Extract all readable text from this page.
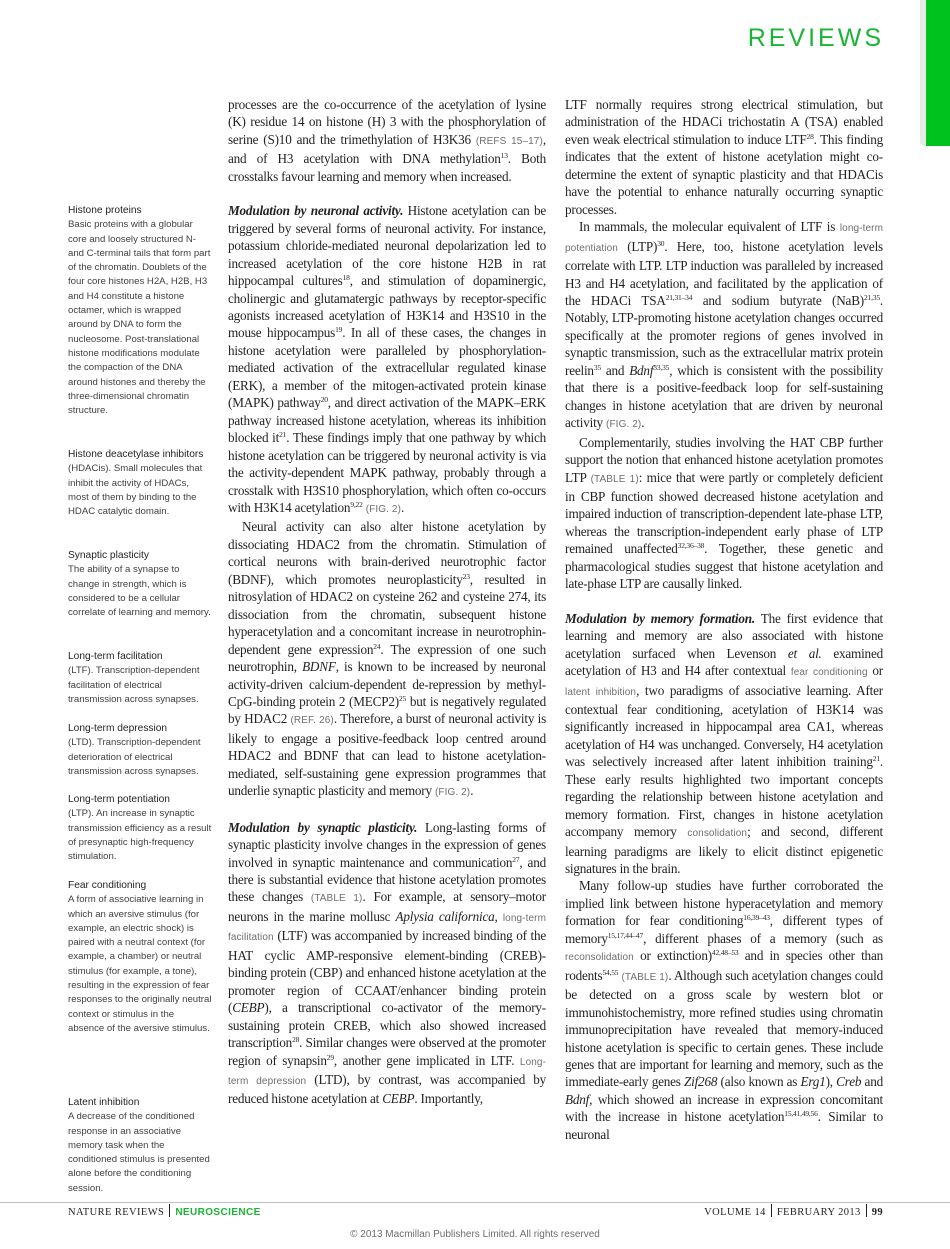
REVIEWS
Histone proteins
Basic proteins with a globular core and loosely structured N- and C-terminal tails that form part of the chromatin. Doublets of the four core histones H2A, H2B, H3 and H4 constitute a histone octamer, which is wrapped around by DNA to form the nucleosome. Post-translational histone modifications modulate the compaction of the DNA around histones and thereby the three-dimensional chromatin structure.
Histone deacetylase inhibitors
(HDACis). Small molecules that inhibit the activity of HDACs, most of them by binding to the HDAC catalytic domain.
Synaptic plasticity
The ability of a synapse to change in strength, which is considered to be a cellular correlate of learning and memory.
Long-term facilitation
(LTF). Transcription-dependent facilitation of electrical transmission across synapses.
Long-term depression
(LTD). Transcription-dependent deterioration of electrical transmission across synapses.
Long-term potentiation
(LTP). An increase in synaptic transmission efficiency as a result of presynaptic high-frequency stimulation.
Fear conditioning
A form of associative learning in which an aversive stimulus (for example, an electric shock) is paired with a neutral context (for example, a chamber) or neutral stimulus (for example, a tone), resulting in the expression of fear responses to the originally neutral context or stimulus in the absence of the aversive stimulus.
Latent inhibition
A decrease of the conditioned response in an associative memory task when the conditioned stimulus is presented alone before the conditioning session.

processes are the co-occurrence of the acetylation of lysine (K) residue 14 on histone (H) 3 with the phosphorylation of serine (S)10 and the trimethylation of H3K36 (REFS 15–17), and of H3 acetylation with DNA methylation$^{13}$. Both crosstalks favour learning and memory when increased.

Modulation by neuronal activity. Histone acetylation can be triggered by several forms of neuronal activity. For instance, potassium chloride-mediated neuronal depolarization led to increased acetylation of the core histone H2B in rat hippocampal cultures$^{18}$, and stimulation of dopaminergic, cholinergic and glutamatergic pathways by receptor-specific agonists increased acetylation of H3K14 and H3S10 in the mouse hippocampus$^{19}$. In all of these cases, the changes in histone acetylation were paralleled by phosphorylation-mediated activation of the extracellular regulated kinase (ERK), a member of the mitogen-activated protein kinase (MAPK) pathway$^{20}$, and direct activation of the MAPK–ERK pathway increased histone acetylation, whereas its inhibition blocked $it^{21}$. These findings imply that one pathway by which histone acetylation can be triggered by neuronal activity is via the activity-dependent MAPK pathway, probably through a crosstalk with H3S10 phosphorylation, which often co-occurs with H3K14 acetylation$^{9,22}$ (FIG. 2).

Neural activity can also alter histone acetylation by dissociating HDAC2 from the chromatin. Stimulation of cortical neurons with brain-derived neurotrophic factor (BDNF), which promotes neuroplasticity$^{23}$, resulted in nitrosylation of HDAC2 on cysteine 262 and cysteine 274, its dissociation from the chromatin, subsequent histone hyperacetylation and a concomitant increase in neurotrophin-dependent gene expression$^{24}$. The expression of one such neurotrophin, BDNF, is known to be increased by neuronal activity-driven calcium-dependent de-repression by methyl-CpG-binding protein 2 (MECP2)$^{25}$ but is negatively regulated by HDAC2 (REF. 26). Therefore, a burst of neuronal activity is likely to engage a positive-feedback loop centred around HDAC2 and BDNF that can lead to histone acetylation-mediated, self-sustaining gene expression programmes that underlie synaptic plasticity and memory (FIG. 2).

Modulation by synaptic plasticity. Long-lasting forms of synaptic plasticity involve changes in the expression of genes involved in synaptic maintenance and communication$^{27}$, and there is substantial evidence that histone acetylation promotes these changes (TABLE 1). For example, at sensory–motor neurons in the marine mollusc Aplysia californica, long-term facilitation (LTF) was accompanied by increased binding of the HAT cyclic AMP-responsive element-binding (CREB)-binding protein (CBP) and enhanced histone acetylation at the promoter region of CCAAT/enhancer binding protein (CEBP), a transcriptional co-activator of the memory-sustaining protein CREB, which also showed increased transcription$^{28}$. Similar changes were observed at the promoter region of synapsin$^{29}$, another gene implicated in LTF. Long-term depression (LTD), by contrast, was accompanied by reduced histone acetylation at CEBP. Importantly,

LTF normally requires strong electrical stimulation, but administration of the HDACi trichostatin A (TSA) enabled even weak electrical stimulation to induce LTF$^{28}$. This finding indicates that the extent of histone acetylation might co-determine the extent of synaptic plasticity and that HDACis have the potential to enhance naturally occurring synaptic processes.

In mammals, the molecular equivalent of LTF is long-term potentiation (LTP)$^{30}$. Here, too, histone acetylation levels correlate with LTP. LTP induction was paralleled by increased H3 and H4 acetylation, and facilitated by the application of the HDACi TSA$^{21,31-34}$ and sodium butyrate (NaB)$^{21,35}$. Notably, LTP-promoting histone acetylation changes occurred specifically at the promoter regions of genes involved in synaptic transmission, such as the extracellular matrix protein reelin$^{35}$ and Bdnf$^{33,35}$, which is consistent with the possibility that there is a positive-feedback loop for self-sustaining changes in histone acetylation that are driven by neuronal activity (FIG. 2).

Complementarily, studies involving the HAT CBP further support the notion that enhanced histone acetylation promotes LTP (TABLE 1): mice that were partly or completely deficient in CBP function showed decreased histone acetylation and impaired induction of transcription-dependent late-phase LTP, whereas the transcription-independent early phase of LTP remained unaffected$^{32,36-38}$. Together, these genetic and pharmacological studies suggest that histone acetylation and late-phase LTP are causally linked.

Modulation by memory formation. The first evidence that learning and memory are also associated with histone acetylation surfaced when Levenson et al. examined acetylation of H3 and H4 after contextual fear conditioning or latent inhibition, two paradigms of associative learning. After contextual fear conditioning, acetylation of H3K14 was significantly increased in hippocampal area CA1, whereas acetylation of H4 was unchanged. Conversely, H4 acetylation was selectively increased after latent inhibition training$^{21}$. These early results highlighted two important concepts regarding the relationship between histone acetylation and memory formation. First, changes in histone acetylation accompany memory consolidation; and second, different learning paradigms are likely to elicit distinct epigenetic signatures in the brain.

Many follow-up studies have further corroborated the implied link between histone hyperacetylation and memory formation for fear conditioning$^{16,39-43}$, different types of memory$^{15,17,44-47}$, different phases of a memory (such as reconsolidation or extinction)$^{42,48-53}$ and in species other than rodents$^{54,55}$ (TABLE 1). Although such acetylation changes could be detected on a gross scale by western blot or immunohistochemistry, more refined studies using chromatin immunoprecipitation have revealed that memory-induced histone acetylation is specific to certain genes. These include genes that are important for learning and memory, such as the immediate-early genes Zif268 (also known as Erg1), Creb and Bdnf, which showed an increase in expression concomitant with the increase in histone acetylation$^{15,41,49,56}$. Similar to neuronal

NATURE REVIEWS NEUROSCIENCE	VOLUME 14 FEBRUARY 2013 99
© 2013 Macmillan Publishers Limited. All rights reserved
